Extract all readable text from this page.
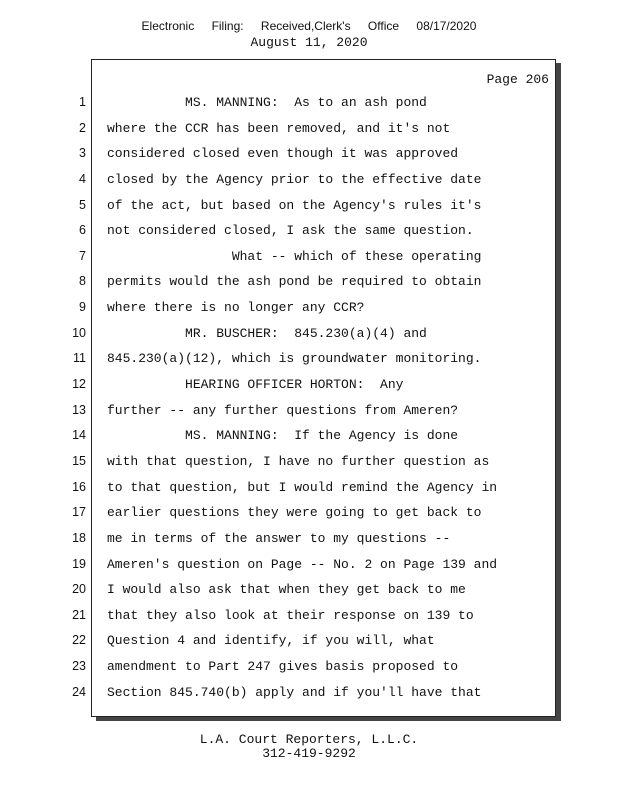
Electronic Filing: Received,Clerk's Office 08/17/2020
August 11, 2020
Page 206
1
2
3
4
5
6
7
8
9
10
11
12
13
14
15
16
17
18
19
20
21
22
23
24
MS. MANNING:  As to an ash pond
where the CCR has been removed, and it's not
considered closed even though it was approved
closed by the Agency prior to the effective date
of the act, but based on the Agency's rules it's
not considered closed, I ask the same question.
What -- which of these operating
permits would the ash pond be required to obtain
where there is no longer any CCR?
MR. BUSCHER:  845.230(a)(4) and
845.230(a)(12), which is groundwater monitoring.
HEARING OFFICER HORTON:  Any
further -- any further questions from Ameren?
MS. MANNING:  If the Agency is done
with that question, I have no further question as
to that question, but I would remind the Agency in
earlier questions they were going to get back to
me in terms of the answer to my questions --
Ameren's question on Page -- No. 2 on Page 139 and
I would also ask that when they get back to me
that they also look at their response on 139 to
Question 4 and identify, if you will, what
amendment to Part 247 gives basis proposed to
Section 845.740(b) apply and if you'll have that
L.A. Court Reporters, L.L.C.
312-419-9292
